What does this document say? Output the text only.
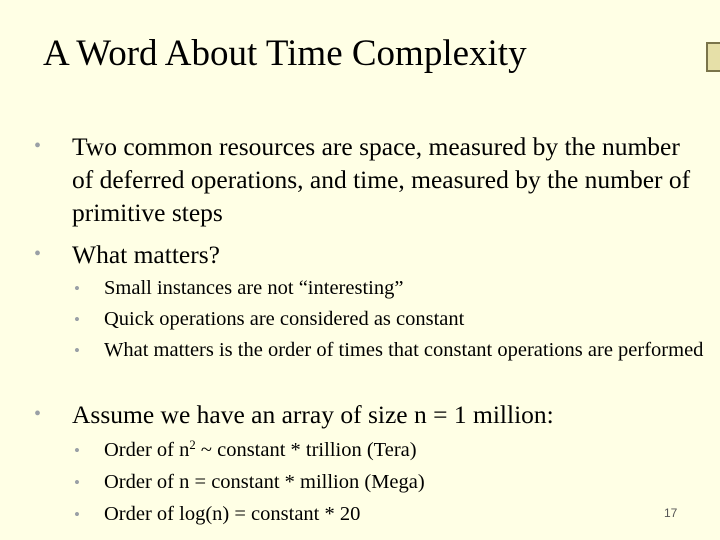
A Word About Time Complexity
• Two common resources are space, measured by the number of deferred operations, and time, measured by the number of primitive steps
• What matters?
• Small instances are not “interesting”
• Quick operations are considered as constant
• What matters is the order of times that constant operations are performed
• Assume we have an array of size n = 1 million:
• Order of $n^2$ ~ constant * trillion (Tera)
• Order of n = constant * million (Mega)
• Order of log(n) = constant * 20	17
